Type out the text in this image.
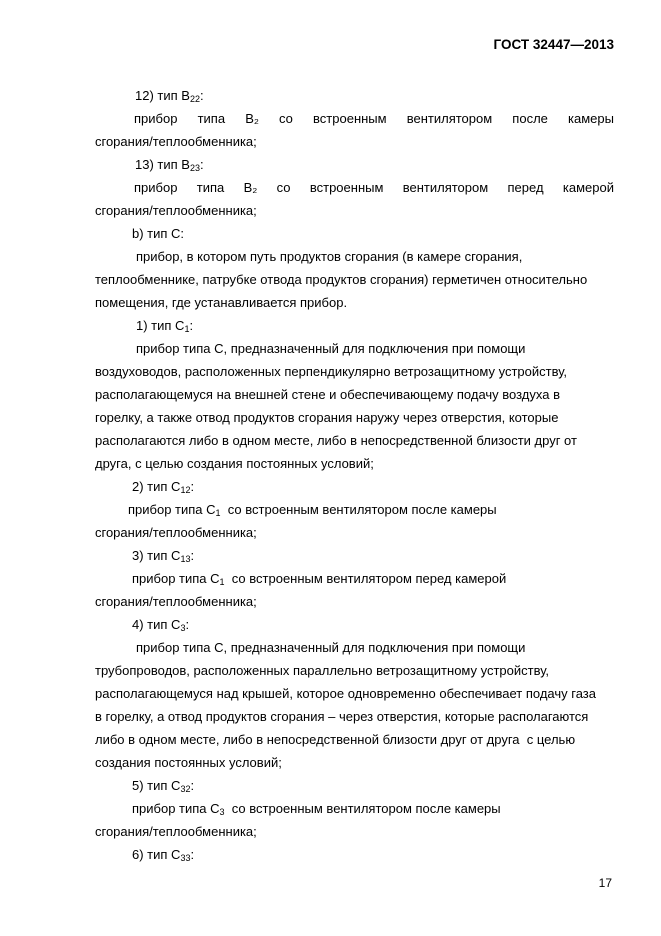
ГОСТ 32447—2013
12) тип $B_{22}$:
прибор типа B₂ со встроенным вентилятором после камеры
сгорания/теплообменника;
13) тип $B_{23}$:
прибор типа B₂ со встроенным вентилятором перед камерой
сгорания/теплообменника;
b) тип C:
прибор, в котором путь продуктов сгорания (в камере сгорания,
теплообменнике, патрубке отвода продуктов сгорания) герметичен относительно
помещения, где устанавливается прибор.
1) тип $C_1$:
прибор типа C, предназначенный для подключения при помощи
воздуховодов, расположенных перпендикулярно ветрозащитному устройству,
располагающемуся на внешней стене и обеспечивающему подачу воздуха в
горелку, а также отвод продуктов сгорания наружу через отверстия, которые
располагаются либо в одном месте, либо в непосредственной близости друг от
друга, с целью создания постоянных условий;
2) тип $C_{12}$:
прибор типа $C_1$  со встроенным вентилятором после камеры
сгорания/теплообменника;
3) тип $C_{13}$:
прибор типа $C_1$  со встроенным вентилятором перед камерой
сгорания/теплообменника;
4) тип $C_3$:
прибор типа C, предназначенный для подключения при помощи
трубопроводов, расположенных параллельно ветрозащитному устройству,
располагающемуся над крышей, которое одновременно обеспечивает подачу газа
в горелку, а отвод продуктов сгорания – через отверстия, которые располагаются
либо в одном месте, либо в непосредственной близости друг от друга  с целью
создания постоянных условий;
5) тип $C_{32}$:
прибор типа $C_3$  со встроенным вентилятором после камеры
сгорания/теплообменника;
6) тип $C_{33}$:
17
